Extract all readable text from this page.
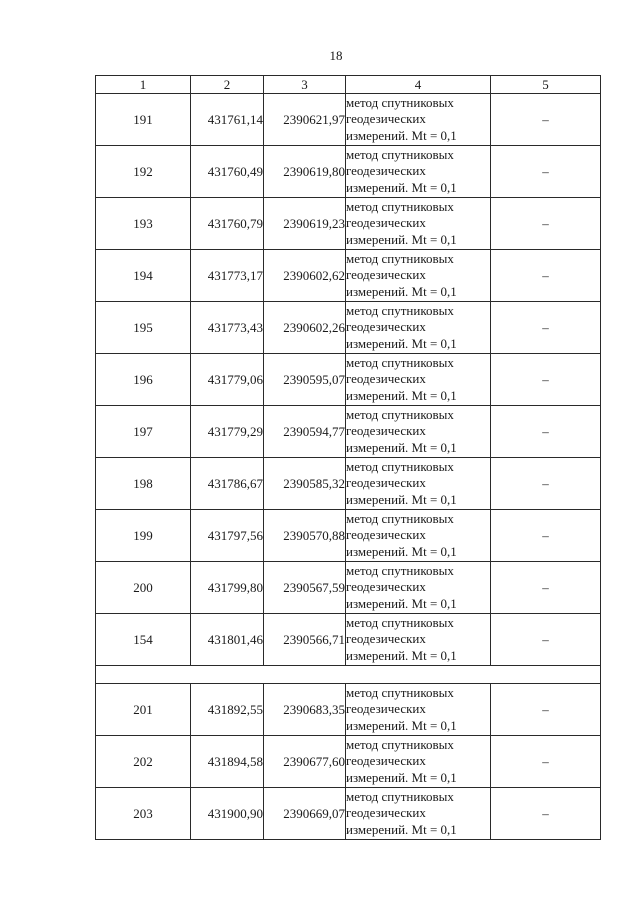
18
1	2	3	4	5
191	431761,14	2390621,97	метод спутниковых
геодезических
измерений. Mt = 0,1	–
192	431760,49	2390619,80	метод спутниковых
геодезических
измерений. Mt = 0,1	–
193	431760,79	2390619,23	метод спутниковых
геодезических
измерений. Mt = 0,1	–
194	431773,17	2390602,62	метод спутниковых
геодезических
измерений. Mt = 0,1	–
195	431773,43	2390602,26	метод спутниковых
геодезических
измерений. Mt = 0,1	–
196	431779,06	2390595,07	метод спутниковых
геодезических
измерений. Mt = 0,1	–
197	431779,29	2390594,77	метод спутниковых
геодезических
измерений. Mt = 0,1	–
198	431786,67	2390585,32	метод спутниковых
геодезических
измерений. Mt = 0,1	–
199	431797,56	2390570,88	метод спутниковых
геодезических
измерений. Mt = 0,1	–
200	431799,80	2390567,59	метод спутниковых
геодезических
измерений. Mt = 0,1	–
154	431801,46	2390566,71	метод спутниковых
геодезических
измерений. Mt = 0,1	–

201	431892,55	2390683,35	метод спутниковых
геодезических
измерений. Mt = 0,1	–
202	431894,58	2390677,60	метод спутниковых
геодезических
измерений. Mt = 0,1	–
203	431900,90	2390669,07	метод спутниковых
геодезических
измерений. Mt = 0,1	–
